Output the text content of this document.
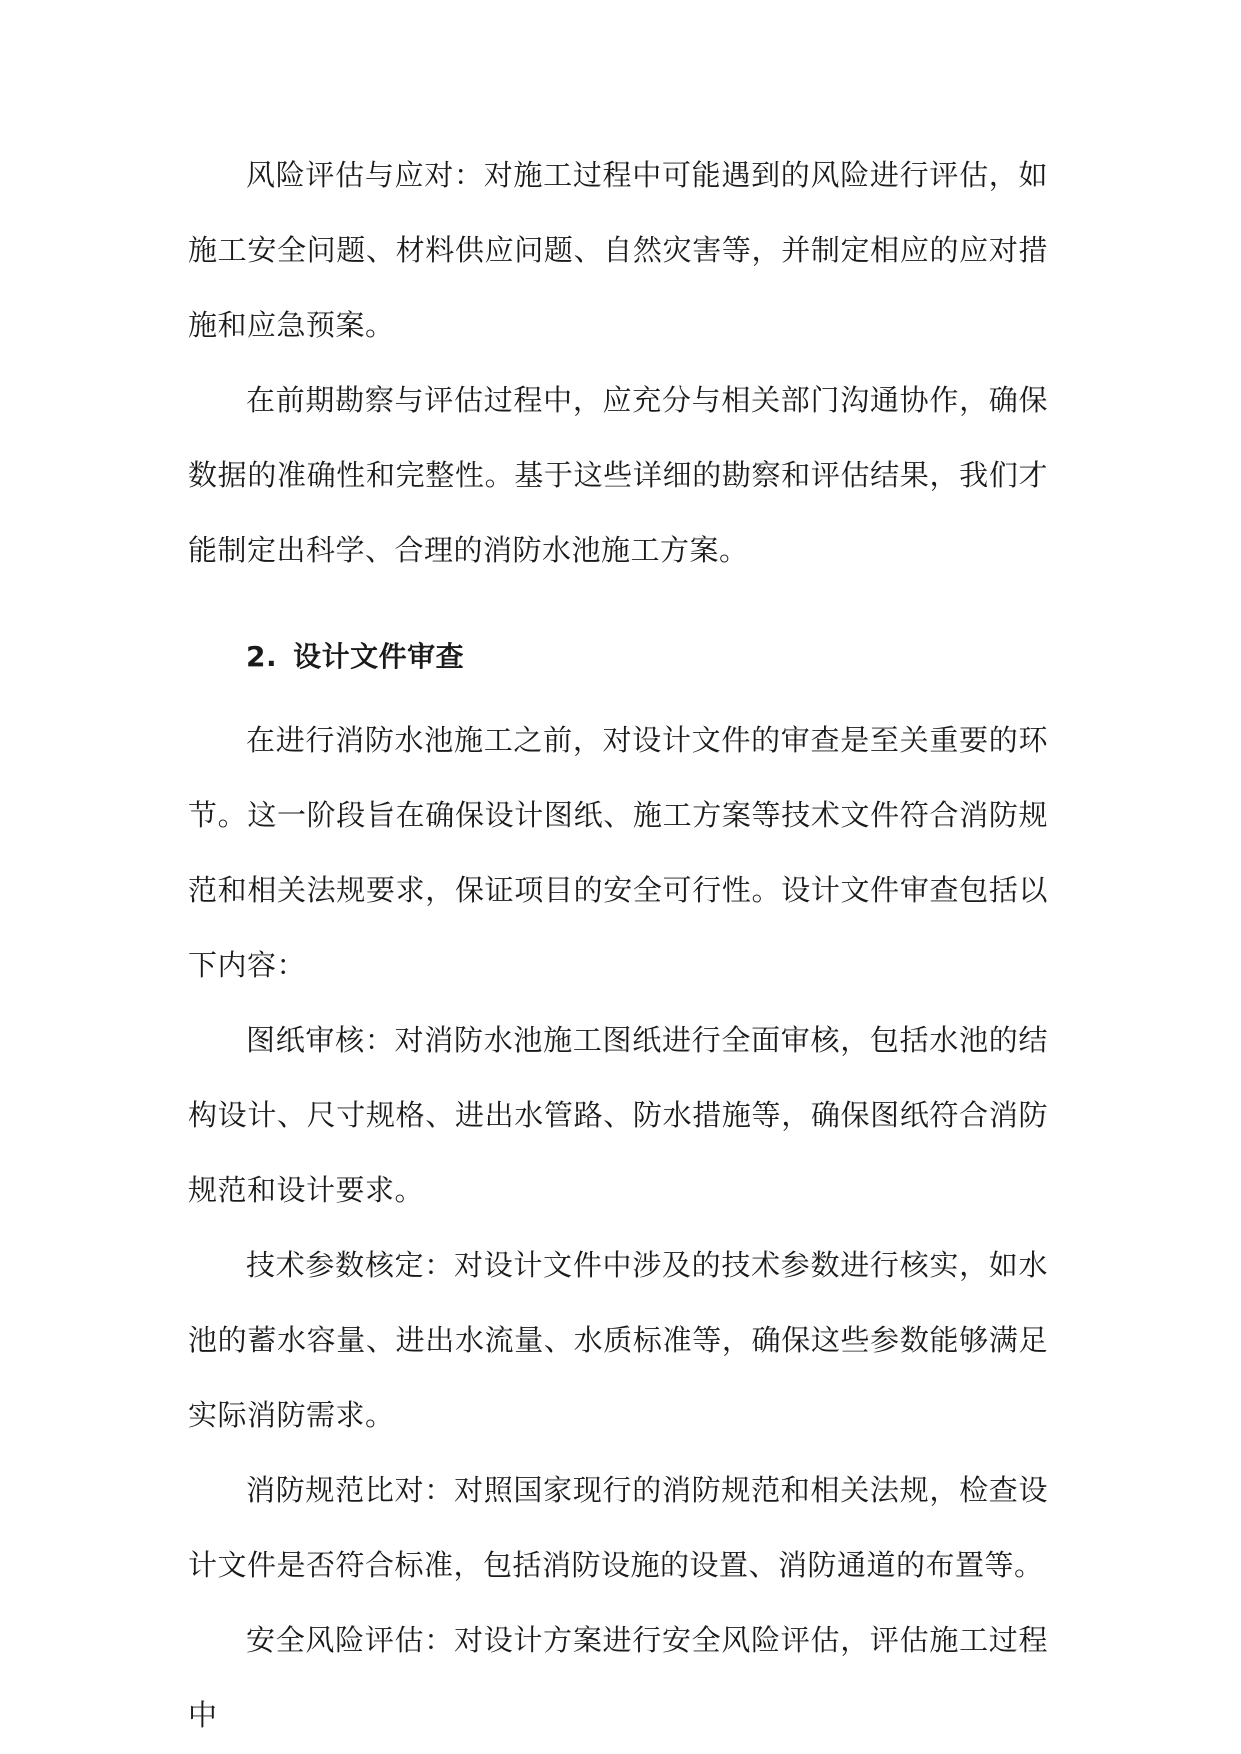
风险评估与应对：对施工过程中可能遇到的风险进行评估，如施工安全问题、材料供应问题、自然灾害等，并制定相应的应对措施和应急预案。

在前期勘察与评估过程中，应充分与相关部门沟通协作，确保数据的准确性和完整性。基于这些详细的勘察和评估结果，我们才能制定出科学、合理的消防水池施工方案。

2. 设计文件审查

在进行消防水池施工之前，对设计文件的审查是至关重要的环节。这一阶段旨在确保设计图纸、施工方案等技术文件符合消防规范和相关法规要求，保证项目的安全可行性。设计文件审查包括以下内容：

图纸审核：对消防水池施工图纸进行全面审核，包括水池的结构设计、尺寸规格、进出水管路、防水措施等，确保图纸符合消防规范和设计要求。

技术参数核定：对设计文件中涉及的技术参数进行核实，如水池的蓄水容量、进出水流量、水质标准等，确保这些参数能够满足实际消防需求。

消防规范比对：对照国家现行的消防规范和相关法规，检查设计文件是否符合标准，包括消防设施的设置、消防通道的布置等。

安全风险评估：对设计方案进行安全风险评估，评估施工过程中
